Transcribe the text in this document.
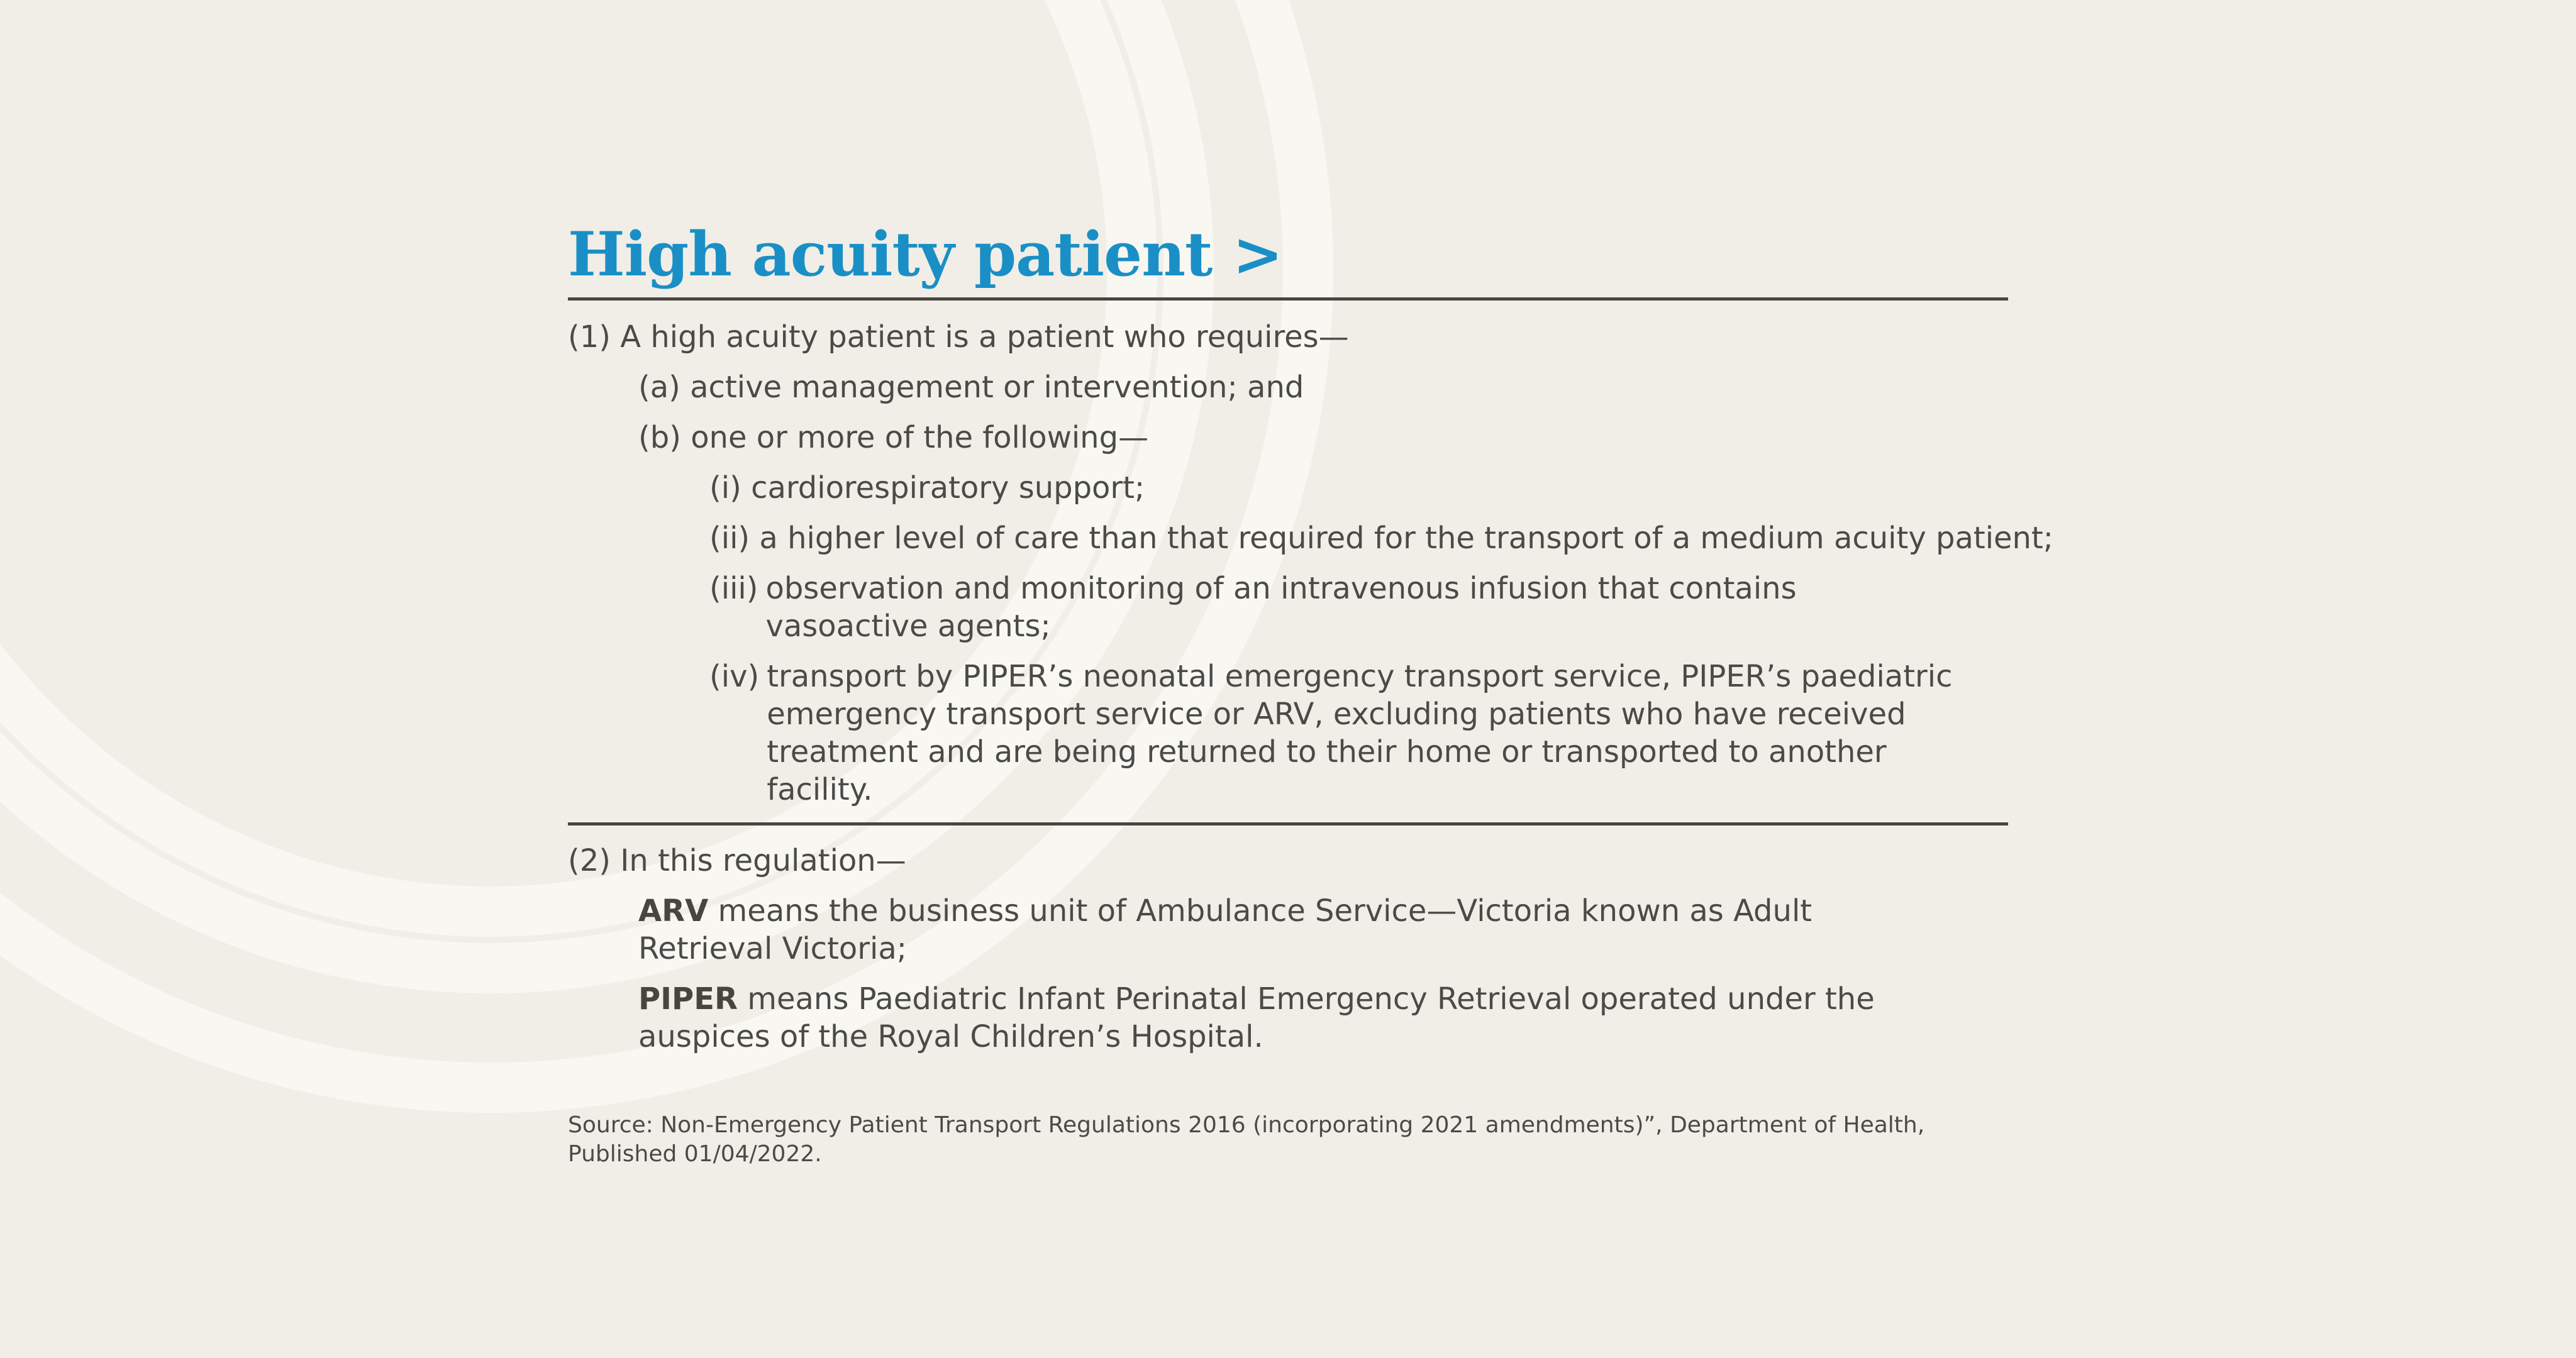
High acuity patient >

(1) A high acuity patient is a patient who requires—

(a) active management or intervention; and

(b) one or more of the following—

(i) cardiorespiratory support;

(ii) a higher level of care than that required for the transport of a medium acuity patient;

(iii) observation and monitoring of an intravenous infusion that contains vasoactive agents;
(iv) transport by PIPER’s neonatal emergency transport service, PIPER’s paediatric emergency transport service or ARV, excluding patients who have received treatment and are being returned to their home or transported to another facility.

(2) In this regulation—

ARV means the business unit of Ambulance Service—Victoria known as Adult Retrieval Victoria;

PIPER means Paediatric Infant Perinatal Emergency Retrieval operated under the auspices of the Royal Children’s Hospital.

Source: Non-Emergency Patient Transport Regulations 2016 (incorporating 2021 amendments)”, Department of Health, Published 01/04/2022.
